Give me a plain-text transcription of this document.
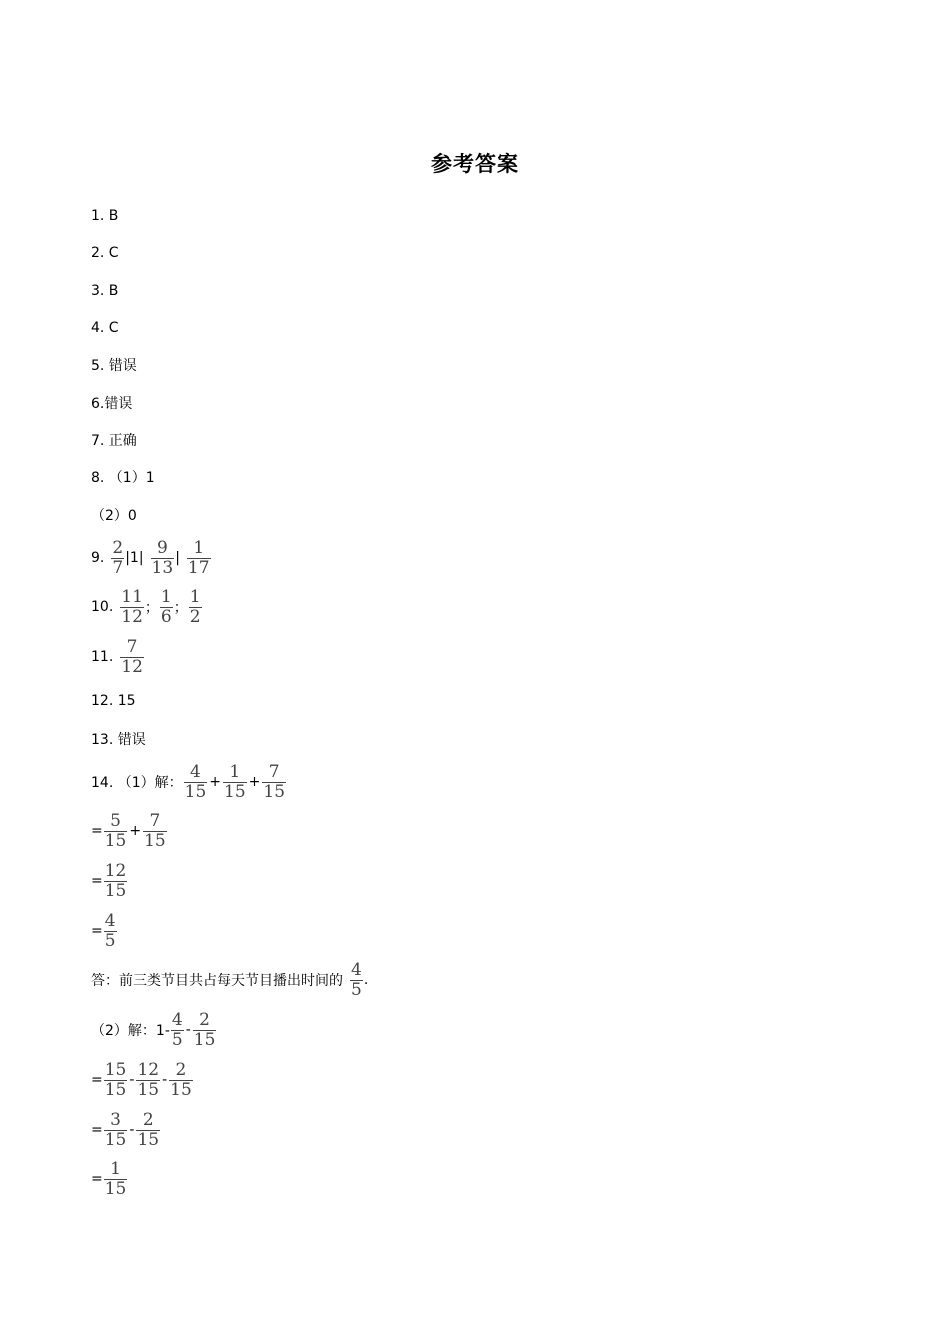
参考答案
1. B
2. C
3. B
4. C
5. 错误
6.错误
7. 正确
8. （1）1
（2）0
9. $\frac{2}{7}$ | 1 | $\frac{9}{13}$ | $\frac{1}{17}$
10. $\frac{11}{12}$ ； $\frac{1}{6}$ ； $\frac{1}{2}$
11. $\frac{7}{12}$
12. 15
13. 错误
14. （1）解： $\frac{4}{15} + \frac{1}{15} + \frac{7}{15}$
= $\frac{5}{15} + \frac{7}{15}$
= $\frac{12}{15}$
= $\frac{4}{5}$
答：前三类节目共占每天节目播出时间的 $\frac{4}{5}$ .
（2）解：$1- \frac{4}{5} - \frac{2}{15}$
= $\frac{15}{15} - \frac{12}{15} - \frac{2}{15}$
= $\frac{3}{15} - \frac{2}{15}$
= $\frac{1}{15}$
